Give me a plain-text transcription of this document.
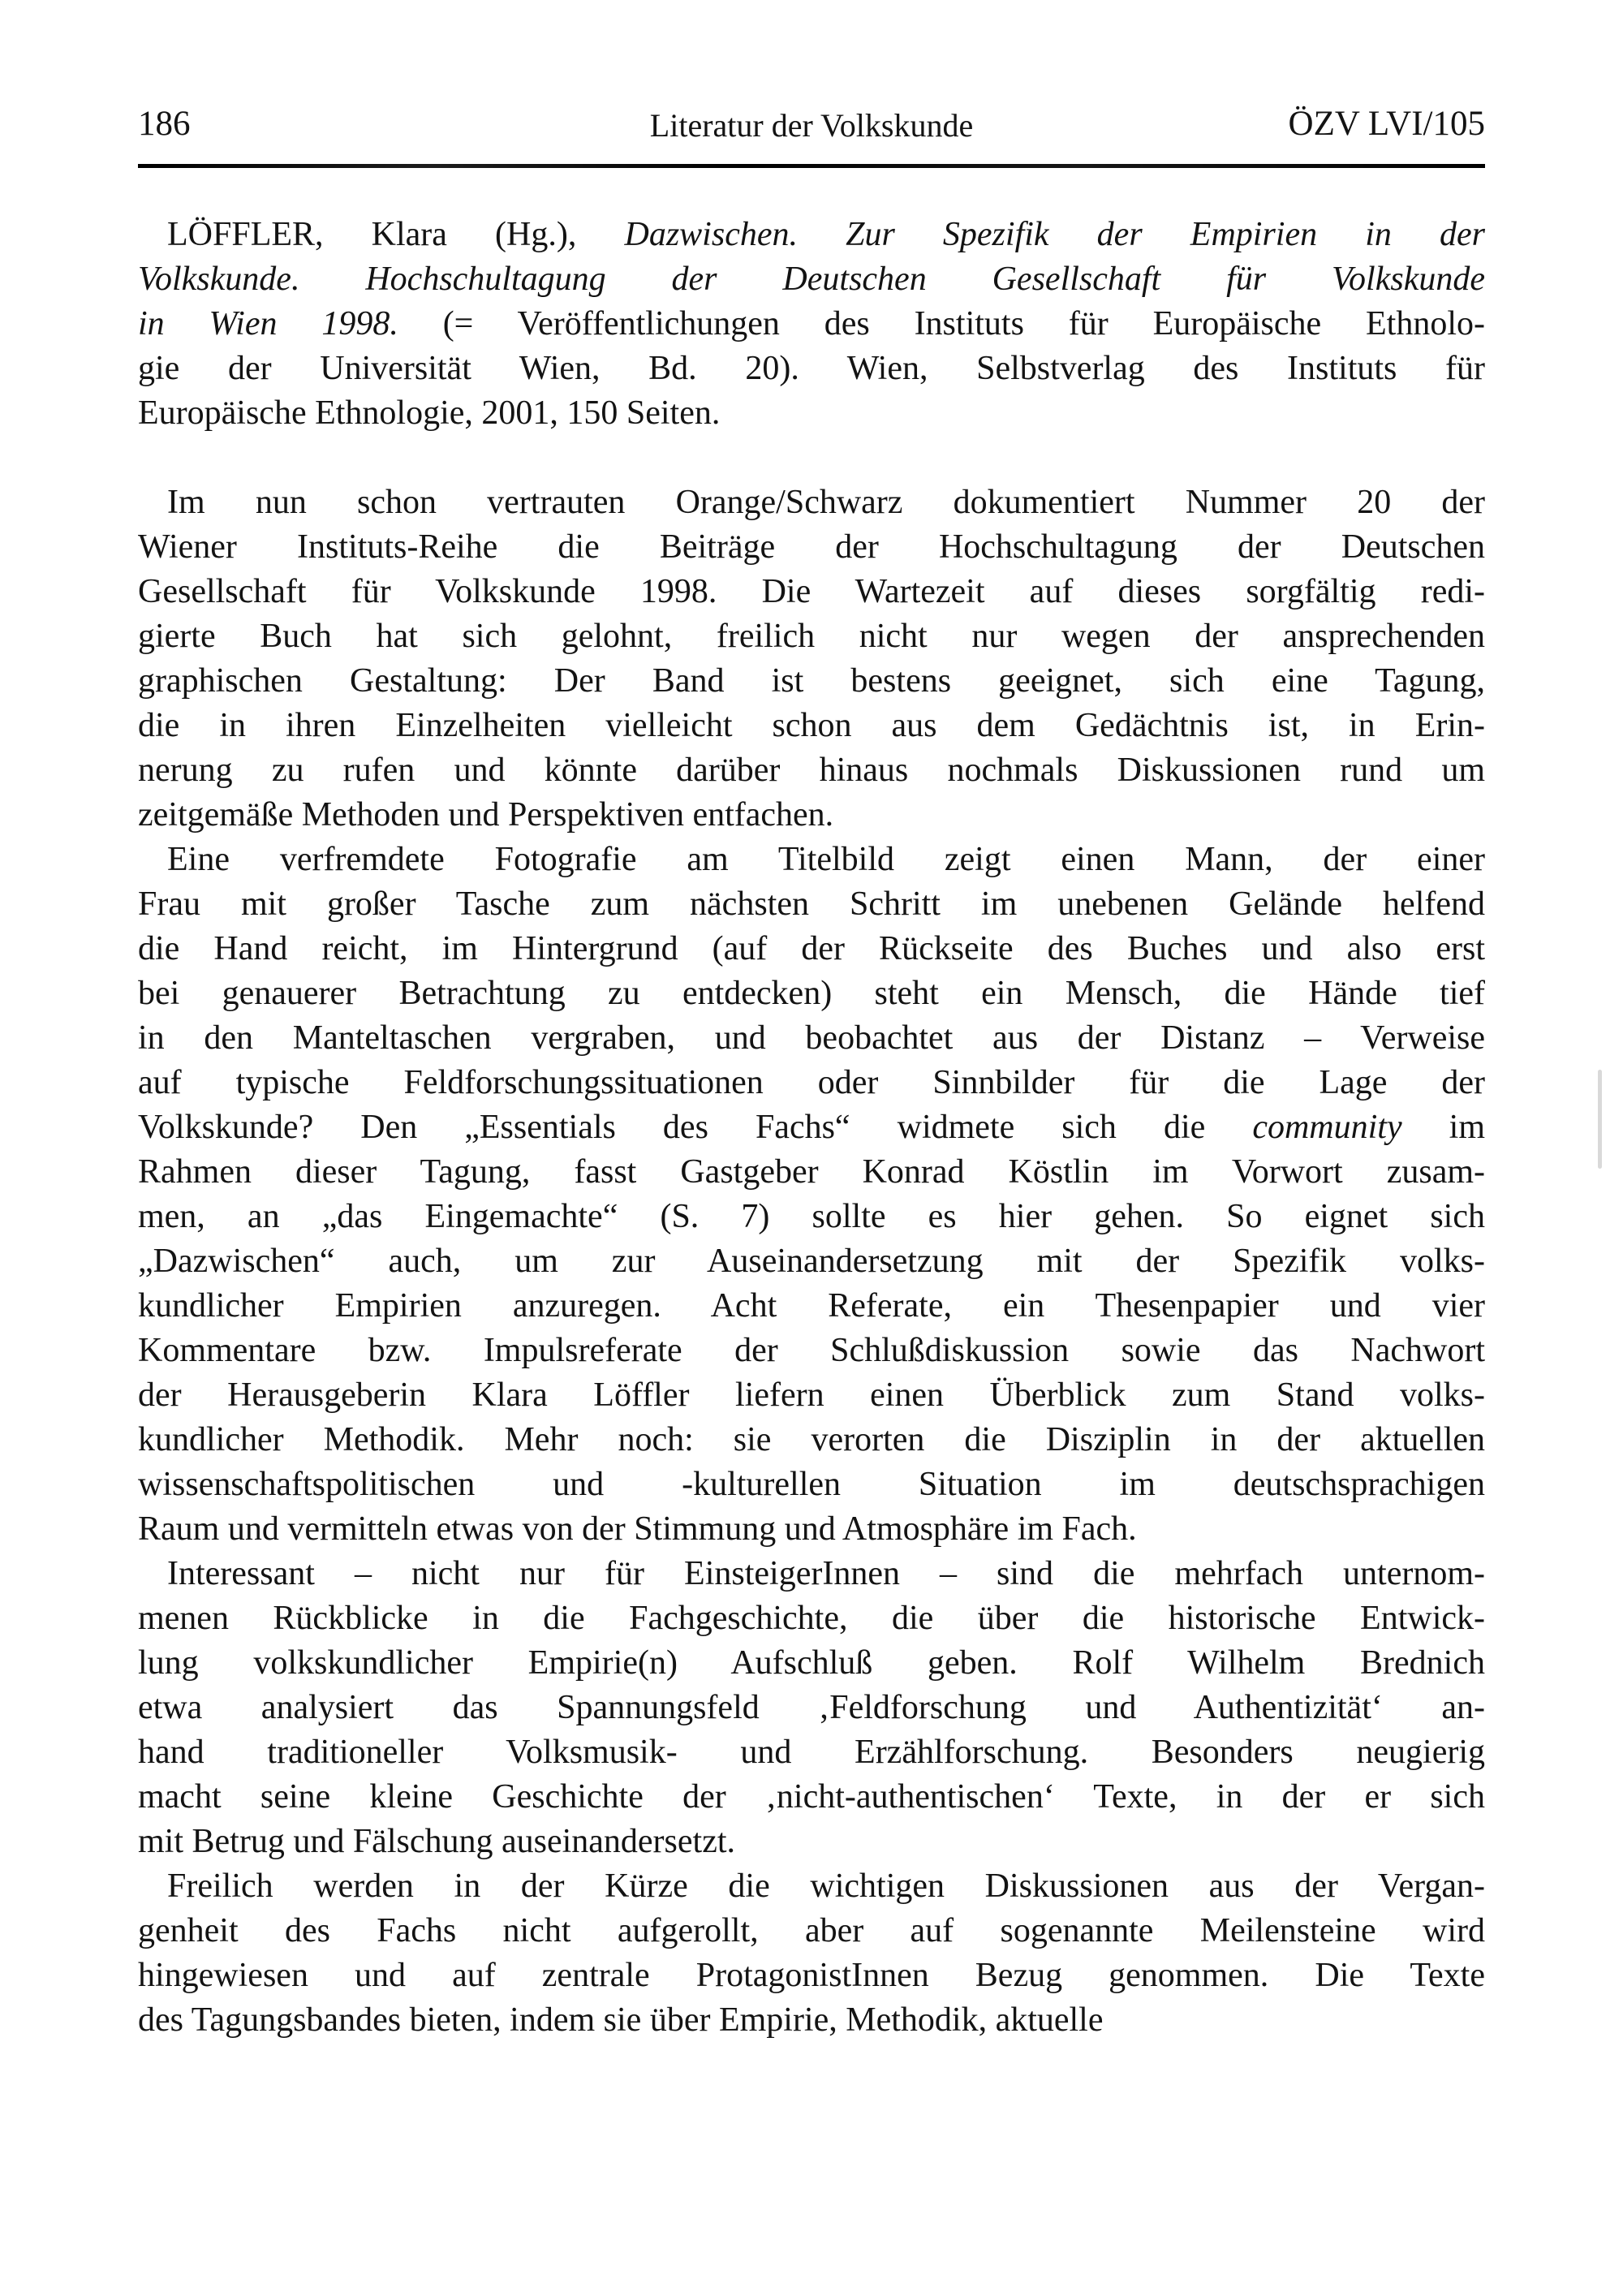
186	Literatur der Volkskunde	ÖZV LVI/105
LÖFFLER, Klara (Hg.), Dazwischen. Zur Spezifik der Empirien in der
Volkskunde. Hochschultagung der Deutschen Gesellschaft für Volkskunde
in Wien 1998. (= Veröffentlichungen des Instituts für Europäische Ethnolo-
gie der Universität Wien, Bd. 20). Wien, Selbstverlag des Instituts für
Europäische Ethnologie, 2001, 150 Seiten.
Im nun schon vertrauten Orange/Schwarz dokumentiert Nummer 20 der
Wiener Instituts-Reihe die Beiträge der Hochschultagung der Deutschen
Gesellschaft für Volkskunde 1998. Die Wartezeit auf dieses sorgfältig redi-
gierte Buch hat sich gelohnt, freilich nicht nur wegen der ansprechenden
graphischen Gestaltung: Der Band ist bestens geeignet, sich eine Tagung,
die in ihren Einzelheiten vielleicht schon aus dem Gedächtnis ist, in Erin-
nerung zu rufen und könnte darüber hinaus nochmals Diskussionen rund um
zeitgemäße Methoden und Perspektiven entfachen.
Eine verfremdete Fotografie am Titelbild zeigt einen Mann, der einer
Frau mit großer Tasche zum nächsten Schritt im unebenen Gelände helfend
die Hand reicht, im Hintergrund (auf der Rückseite des Buches und also erst
bei genauerer Betrachtung zu entdecken) steht ein Mensch, die Hände tief
in den Manteltaschen vergraben, und beobachtet aus der Distanz – Verweise
auf typische Feldforschungssituationen oder Sinnbilder für die Lage der
Volkskunde? Den „Essentials des Fachs“ widmete sich die community im
Rahmen dieser Tagung, fasst Gastgeber Konrad Köstlin im Vorwort zusam-
men, an „das Eingemachte“ (S. 7) sollte es hier gehen. So eignet sich
„Dazwischen“ auch, um zur Auseinandersetzung mit der Spezifik volks-
kundlicher Empirien anzuregen. Acht Referate, ein Thesenpapier und vier
Kommentare bzw. Impulsreferate der Schlußdiskussion sowie das Nachwort
der Herausgeberin Klara Löffler liefern einen Überblick zum Stand volks-
kundlicher Methodik. Mehr noch: sie verorten die Disziplin in der aktuellen
wissenschaftspolitischen und -kulturellen Situation im deutschsprachigen
Raum und vermitteln etwas von der Stimmung und Atmosphäre im Fach.
Interessant – nicht nur für EinsteigerInnen – sind die mehrfach unternom-
menen Rückblicke in die Fachgeschichte, die über die historische Entwick-
lung volkskundlicher Empirie(n) Aufschluß geben. Rolf Wilhelm Brednich
etwa analysiert das Spannungsfeld ‚Feldforschung und Authentizität‘ an-
hand traditioneller Volksmusik- und Erzählforschung. Besonders neugierig
macht seine kleine Geschichte der ‚nicht-authentischen‘ Texte, in der er sich
mit Betrug und Fälschung auseinandersetzt.
Freilich werden in der Kürze die wichtigen Diskussionen aus der Vergan-
genheit des Fachs nicht aufgerollt, aber auf sogenannte Meilensteine wird
hingewiesen und auf zentrale ProtagonistInnen Bezug genommen. Die Texte
des Tagungsbandes bieten, indem sie über Empirie, Methodik, aktuelle
